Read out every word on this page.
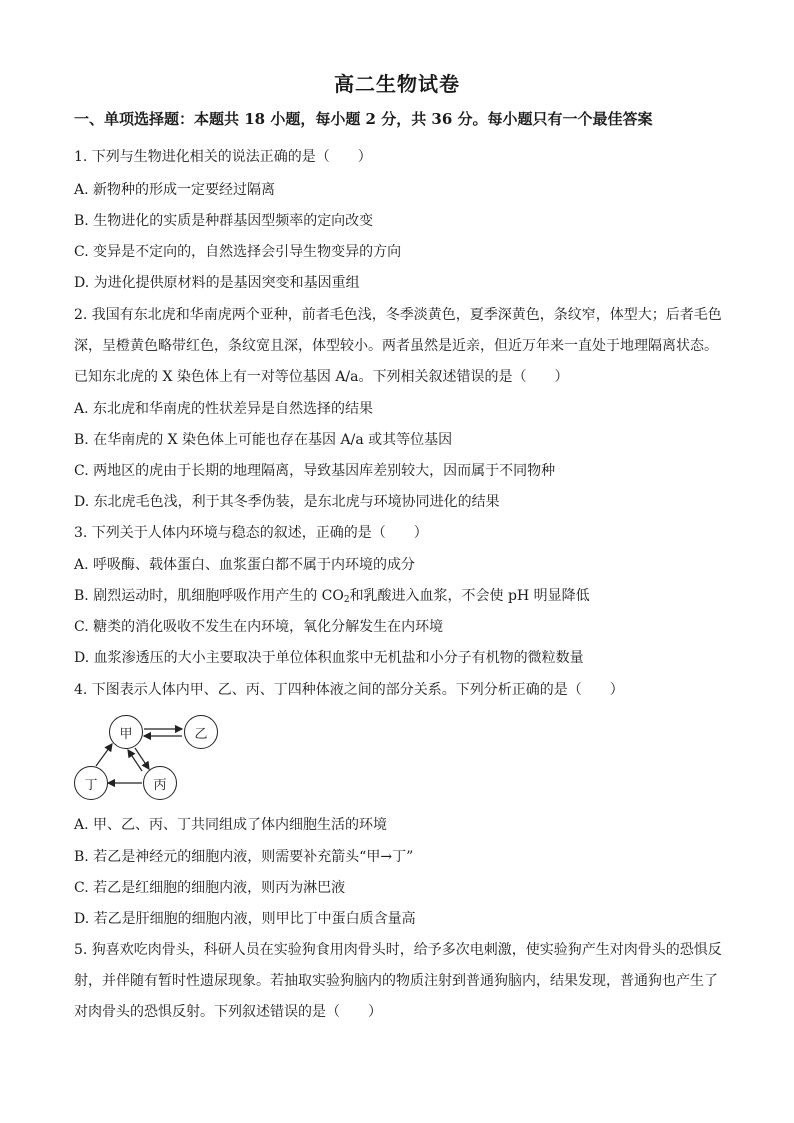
高二生物试卷
一、单项选择题：本题共 18 小题，每小题 2 分，共 36 分。每小题只有一个最佳答案
1. 下列与生物进化相关的说法正确的是（　　）
A. 新物种的形成一定要经过隔离
B. 生物进化的实质是种群基因型频率的定向改变
C. 变异是不定向的，自然选择会引导生物变异的方向
D. 为进化提供原材料的是基因突变和基因重组
2. 我国有东北虎和华南虎两个亚种，前者毛色浅，冬季淡黄色，夏季深黄色，条纹窄，体型大；后者毛色
深，呈橙黄色略带红色，条纹宽且深，体型较小。两者虽然是近亲，但近万年来一直处于地理隔离状态。
已知东北虎的 X 染色体上有一对等位基因 A/a。下列相关叙述错误的是（　　）
A. 东北虎和华南虎的性状差异是自然选择的结果
B. 在华南虎的 X 染色体上可能也存在基因 A/a 或其等位基因
C. 两地区的虎由于长期的地理隔离，导致基因库差别较大，因而属于不同物种
D. 东北虎毛色浅，利于其冬季伪装，是东北虎与环境协同进化的结果
3. 下列关于人体内环境与稳态的叙述，正确的是（　　）
A. 呼吸酶、载体蛋白、血浆蛋白都不属于内环境的成分
B. 剧烈运动时，肌细胞呼吸作用产生的 $CO_2$和乳酸进入血浆，不会使 pH 明显降低
C. 糖类的消化吸收不发生在内环境，氧化分解发生在内环境
D. 血浆渗透压的大小主要取决于单位体积血浆中无机盐和小分子有机物的微粒数量
4. 下图表示人体内甲、乙、丙、丁四种体液之间的部分关系。下列分析正确的是（　　）
甲	乙
丙
丁
A. 甲、乙、丙、丁共同组成了体内细胞生活的环境
B. 若乙是神经元的细胞内液，则需要补充箭头“甲→丁”
C. 若乙是红细胞的细胞内液，则丙为淋巴液
D. 若乙是肝细胞的细胞内液，则甲比丁中蛋白质含量高
5. 狗喜欢吃肉骨头，科研人员在实验狗食用肉骨头时，给予多次电刺激，使实验狗产生对肉骨头的恐惧反
射，并伴随有暂时性遗尿现象。若抽取实验狗脑内的物质注射到普通狗脑内，结果发现，普通狗也产生了
对肉骨头的恐惧反射。下列叙述错误的是（　　）
